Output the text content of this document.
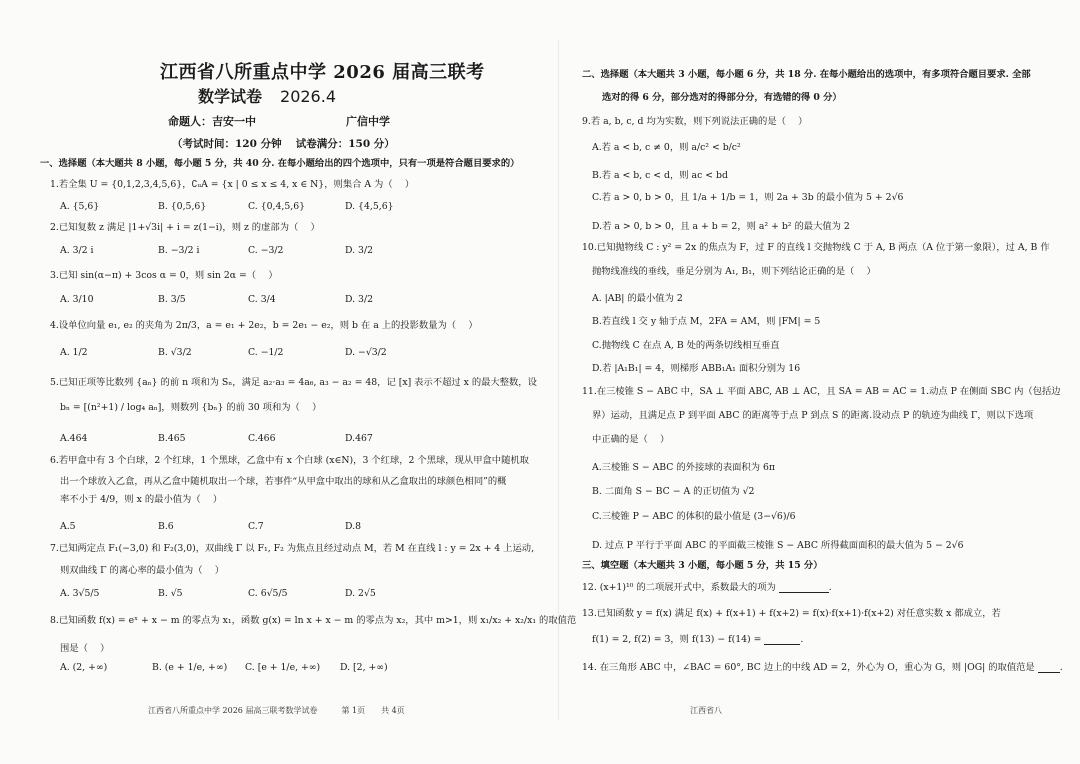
江西省八所重点中学 2026 届高三联考
数学试卷 2026.4
命题人：吉安一中	广信中学
（考试时间：120 分钟　 试卷满分：150 分）
一、选择题（本大题共 8 小题，每小题 5 分，共 40 分. 在每小题给出的四个选项中，只有一项是符合题目要求的）
1.若全集 U = {0,1,2,3,4,5,6}，∁ᵤA = {x | 0 ≤ x ≤ 4, x ∈ N}，则集合 A 为（　 ）
A. {5,6}	B. {0,5,6}	C. {0,4,5,6}	D. {4,5,6}
2.已知复数 z 满足 |1+√3i| + i = z(1−i)，则 z 的虚部为（　 ）
A. 3/2 i	B. −3/2 i	C. −3/2	D. 3/2
3.已知 sin(α−π) + 3cos α = 0，则 sin 2α =（　 ）
A. 3/10	B. 3/5	C. 3/4	D. 3/2
4.设单位向量 e₁, e₂ 的夹角为 2π/3，a = e₁ + 2e₂，b = 2e₁ − e₂，则 b 在 a 上的投影数量为（　 ）
A. 1/2	B. √3/2	C. −1/2	D. −√3/2
5.已知正项等比数列 {aₙ} 的前 n 项和为 Sₙ，满足 a₂·a₃ = 4a₆, a₃ − a₂ = 48，记 [x] 表示不超过 x 的最大整数，设
bₙ = [(n²+1) / log₄ aₙ]，则数列 {bₙ} 的前 30 项和为（　 ）
A.464	B.465	C.466	D.467
6.若甲盒中有 3 个白球，2 个红球，1 个黑球，乙盒中有 x 个白球 (x∈N)，3 个红球，2 个黑球，现从甲盒中随机取
出一个球放入乙盒，再从乙盒中随机取出一个球，若事件“从甲盒中取出的球和从乙盒取出的球颜色相同”的概
率不小于 4/9，则 x 的最小值为（　 ）
A.5	B.6	C.7	D.8
7.已知两定点 F₁(−3,0) 和 F₂(3,0)，双曲线 Γ 以 F₁, F₂ 为焦点且经过动点 M，若 M 在直线 l : y = 2x + 4 上运动,
则双曲线 Γ 的离心率的最小值为（　 ）
A. 3√5/5	B. √5	C. 6√5/5	D. 2√5
8.已知函数 f(x) = eˣ + x − m 的零点为 x₁，函数 g(x) = ln x + x − m 的零点为 x₂，其中 m>1，则 x₁/x₂ + x₂/x₁ 的取值范
围是（　 ）
A. (2, +∞)	B. (e + 1/e, +∞) C. [e + 1/e, +∞) D. [2, +∞)
江西省八所重点中学 2026 届高三联考数学试卷　　　第 1页　　共 4页
二、选择题（本大题共 3 小题，每小题 6 分，共 18 分. 在每小题给出的选项中，有多项符合题目要求. 全部
选对的得 6 分，部分选对的得部分分，有选错的得 0 分）
9.若 a, b, c, d 均为实数，则下列说法正确的是（　 ）
A.若 a < b, c ≠ 0，则 a/c² < b/c²
B.若 a < b, c < d，则 ac < bd
C.若 a > 0, b > 0，且 1/a + 1/b = 1，则 2a + 3b 的最小值为 5 + 2√6
D.若 a > 0, b > 0，且 a + b = 2，则 a² + b² 的最大值为 2
10.已知抛物线 C : y² = 2x 的焦点为 F，过 F 的直线 l 交抛物线 C 于 A, B 两点（A 位于第一象限），过 A, B 作
抛物线准线的垂线，垂足分别为 A₁, B₁，则下列结论正确的是（　 ）
A. |AB| 的最小值为 2
B.若直线 l 交 y 轴于点 M，2FA = AM，则 |FM| = 5
C.抛物线 C 在点 A, B 处的两条切线相互垂直
D.若 |A₁B₁| = 4，则梯形 ABB₁A₁ 面积分别为 16
11.在三棱锥 S − ABC 中，SA ⊥ 平面 ABC, AB ⊥ AC，且 SA = AB = AC = 1.动点 P 在侧面 SBC 内（包括边
界）运动，且满足点 P 到平面 ABC 的距离等于点 P 到点 S 的距离.设动点 P 的轨迹为曲线 Γ，则以下选项
中正确的是（　 ）
A.三棱锥 S − ABC 的外接球的表面积为 6π
B. 二面角 S − BC − A 的正切值为 √2
C.三棱锥 P − ABC 的体积的最小值是 (3−√6)/6
D. 过点 P 平行于平面 ABC 的平面截三棱锥 S − ABC 所得截面面积的最大值为 5 − 2√6
三、填空题（本大题共 3 小题，每小题 5 分，共 15 分）
12. (x+1)¹⁰ 的二项展开式中，系数最大的项为	.
13.已知函数 y = f(x) 满足 f(x) + f(x+1) + f(x+2) = f(x)·f(x+1)·f(x+2) 对任意实数 x 都成立，若
f(1) = 2, f(2) = 3，则 f(13) − f(14) =	.
14. 在三角形 ABC 中，∠BAC = 60°, BC 边上的中线 AD = 2，外心为 O，重心为 G，则 |OG| 的取值范是	.
江西省八
